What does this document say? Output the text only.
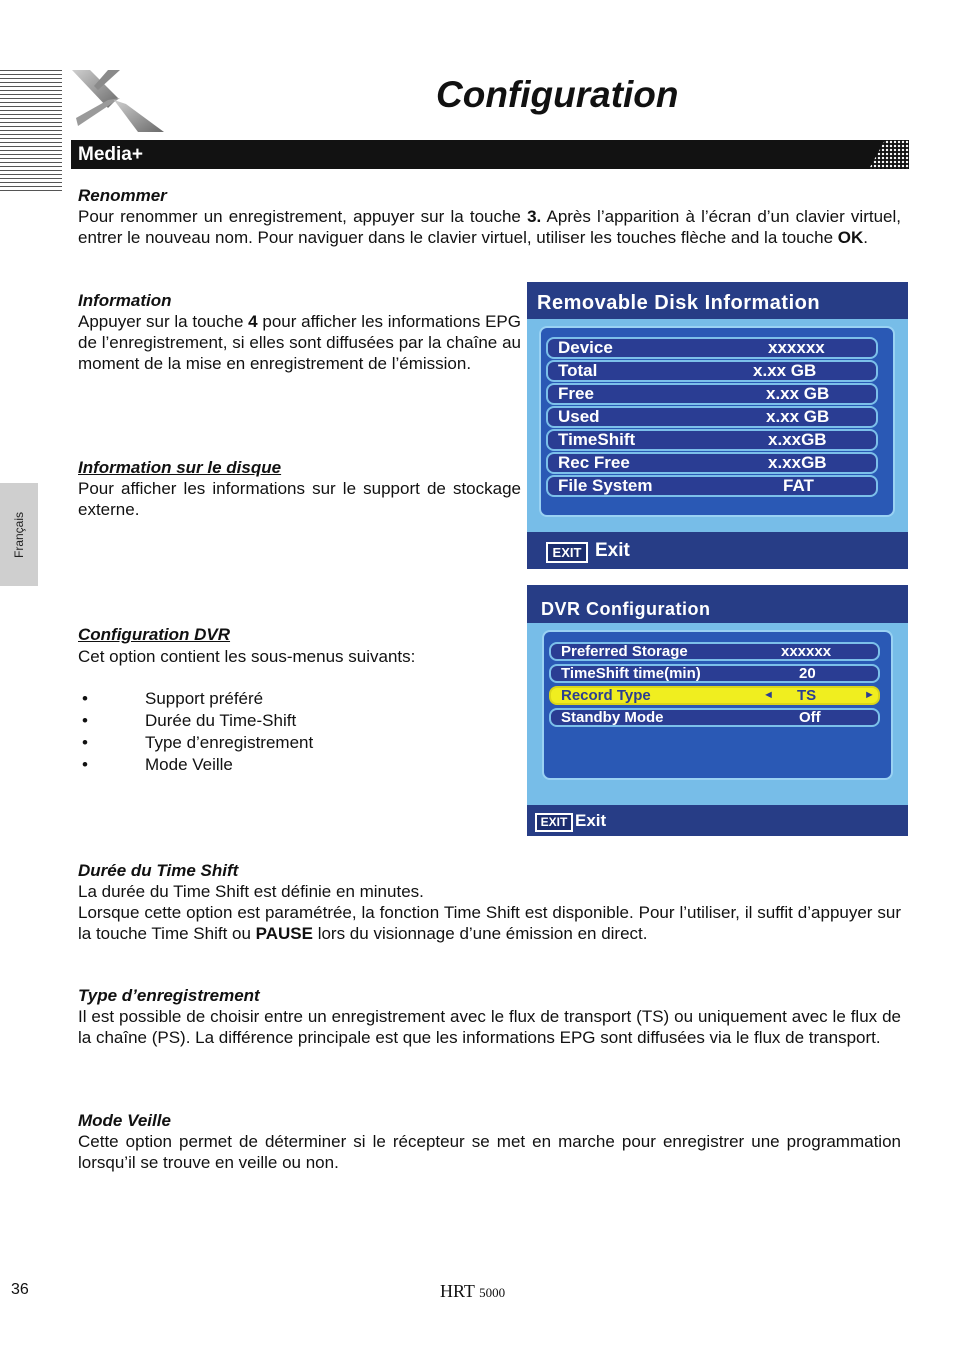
Français
Configuration
Media+
Renommer
Pour renommer un enregistrement, appuyer sur la touche 3. Après l’apparition à l’écran d’un clavier virtuel, entrer le nouveau nom. Pour naviguer dans le clavier virtuel, utiliser les touches flèche and la touche OK.
Information
Appuyer sur la touche 4 pour afficher les informations EPG de l’enregistrement, si elles sont diffusées par la chaîne au moment de la mise en enregistrement de l’émission.
Information sur le disque
Pour afficher les informations sur le support de stockage externe.
Configuration DVR
Cet option contient les sous-menus suivants:
•	Support préféré
•	Durée du Time-Shift
•	Type d’enregistrement
•	Mode Veille
Removable Disk Information
Device	xxxxxx
Total	x.xx GB
Free	x.xx GB
Used	x.xx GB
TimeShift	x.xxGB
Rec Free	x.xxGB
File System	FAT
EXIT Exit
DVR Configuration
Preferred Storage	xxxxxx
TimeShift time(min)	20
Record Type	◄ TS	►
Standby Mode	Off
EXIT Exit
Durée du Time Shift
La durée du Time Shift est définie en minutes.
Lorsque cette option est paramétrée, la fonction Time Shift est disponible. Pour l’utiliser, il suffit d’appuyer sur la touche Time Shift ou PAUSE lors du visionnage d’une émission en direct.
Type d’enregistrement
Il est possible de choisir entre un enregistrement avec le flux de transport (TS) ou uniquement avec le flux de la chaîne (PS). La différence principale est que les informations EPG sont diffusées via le flux de transport.
Mode Veille
Cette option permet de déterminer si le récepteur se met en marche pour enregistrer une programmation lorsqu’il se trouve en veille ou non.
36	HRT 5000
